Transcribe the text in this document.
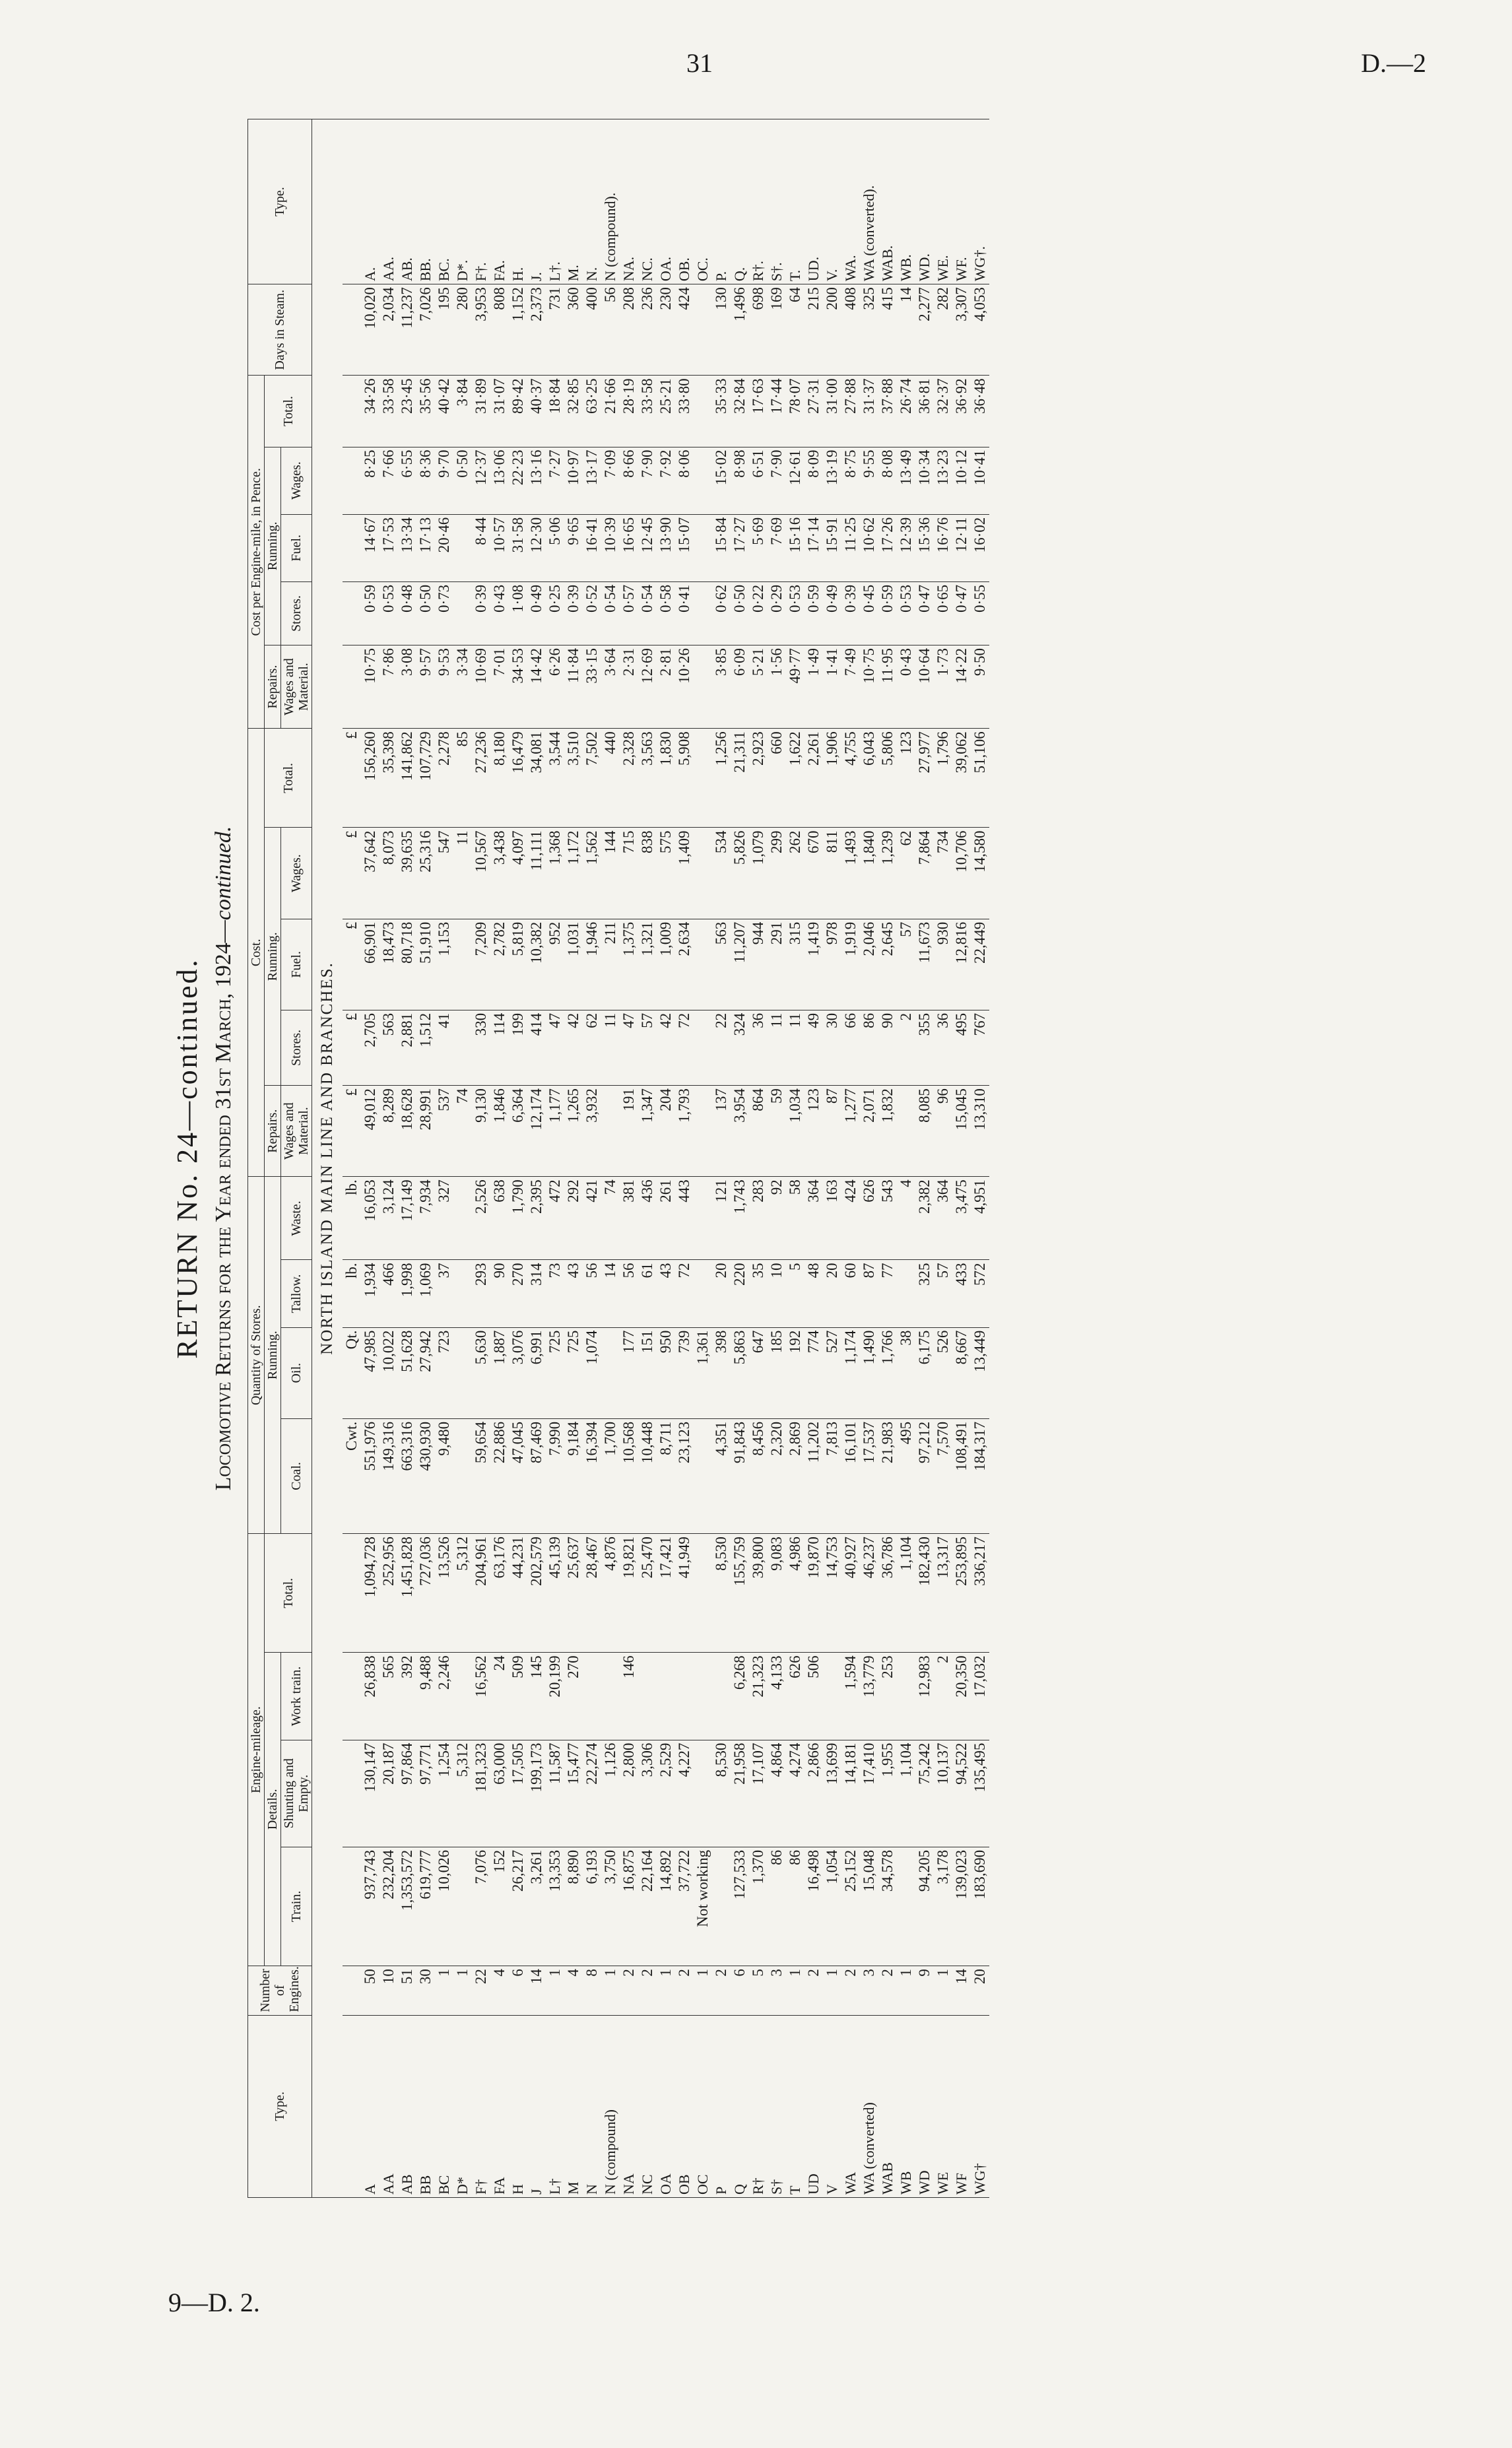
31	D.—2
9—D. 2.
RETURN No. 24—continued. Locomotive Returns for the Year ended 31st March, 1924—continued.
Type.	Number of Engines.	Engine-mileage.				Quantity of Stores.				Cost.					Cost per Engine-mile, in Pence.					Days in Steam.	Type.
		Details.			Total.	Running.				Repairs.	Running.			Total.	Repairs.	Running.			Total.		
		Train.	Shunting and Empty.	Work train.		Coal.	Oil.	Tallow.	Waste.	Wages and Material.	Stores.	Fuel.	Wages.		Wages and Material.	Stores.	Fuel.	Wages.			
NORTH ISLAND MAIN LINE AND BRANCHES.																					
						Cwt.	Qt.	lb.	lb.	£	£	£	£	£							
A	50	937,743	130,147	26,838	1,094,728	551,976	47,985	1,934	16,053	49,012	2,705	66,901	37,642	156,260	10·75	0·59	14·67	8·25	34·26	10,020	A.
AA	10	232,204	20,187	565	252,956	149,316	10,022	466	3,124	8,289	563	18,473	8,073	35,398	7·86	0·53	17·53	7·66	33·58	2,034	AA.
AB	51	1,353,572	97,864	392	1,451,828	663,316	51,628	1,998	17,149	18,628	2,881	80,718	39,635	141,862	3·08	0·48	13·34	6·55	23·45	11,237	AB.
BB	30	619,777	97,771	9,488	727,036	430,930	27,942	1,069	7,934	28,991	1,512	51,910	25,316	107,729	9·57	0·50	17·13	8·36	35·56	7,026	BB.
BC	1	10,026	1,254	2,246	13,526	9,480	723	37	327	537	41	1,153	547	2,278	9·53	0·73	20·46	9·70	40·42	195	BC.
D*	1		5,312		5,312					74			11	85	3·34			0·50	3·84	280	D*.
F†	22	7,076	181,323	16,562	204,961	59,654	5,630	293	2,526	9,130	330	7,209	10,567	27,236	10·69	0·39	8·44	12·37	31·89	3,953	F†.
FA	4	152	63,000	24	63,176	22,886	1,887	90	638	1,846	114	2,782	3,438	8,180	7·01	0·43	10·57	13·06	31·07	808	FA.
H	6	26,217	17,505	509	44,231	47,045	3,076	270	1,790	6,364	199	5,819	4,097	16,479	34·53	1·08	31·58	22·23	89·42	1,152	H.
J	14	3,261	199,173	145	202,579	87,469	6,991	314	2,395	12,174	414	10,382	11,111	34,081	14·42	0·49	12·30	13·16	40·37	2,373	J.
L†	1	13,353	11,587	20,199	45,139	7,990	725	73	472	1,177	47	952	1,368	3,544	6·26	0·25	5·06	7·27	18·84	731	L†.
M	4	8,890	15,477	270	25,637	9,184	725	43	292	1,265	42	1,031	1,172	3,510	11·84	0·39	9·65	10·97	32·85	360	M.
N	8	6,193	22,274		28,467	16,394	1,074	56	421	3,932	62	1,946	1,562	7,502	33·15	0·52	16·41	13·17	63·25	400	N.
N (compound)	1	3,750	1,126		4,876	1,700		14	74		11	211	144	440	3·64	0·54	10·39	7·09	21·66	56	N (compound).
NA	2	16,875	2,800	146	19,821	10,568	177	56	381	191	47	1,375	715	2,328	2·31	0·57	16·65	8·66	28·19	208	NA.
NC	2	22,164	3,306		25,470	10,448	151	61	436	1,347	57	1,321	838	3,563	12·69	0·54	12·45	7·90	33·58	236	NC.
OA	1	14,892	2,529		17,421	8,711	950	43	261	204	42	1,009	575	1,830	2·81	0·58	13·90	7·92	25·21	230	OA.
OB	2	37,722	4,227		41,949	23,123	739	72	443	1,793	72	2,634	1,409	5,908	10·26	0·41	15·07	8·06	33·80	424	OB.
OC	1	Not working					1,361														OC.
P	2		8,530		8,530	4,351	398	20	121	137	22	563	534	1,256	3·85	0·62	15·84	15·02	35·33	130	P.
Q	6	127,533	21,958	6,268	155,759	91,843	5,863	220	1,743	3,954	324	11,207	5,826	21,311	6·09	0·50	17·27	8·98	32·84	1,496	Q.
R†	5	1,370	17,107	21,323	39,800	8,456	647	35	283	864	36	944	1,079	2,923	5·21	0·22	5·69	6·51	17·63	698	R†.
S†	3	86	4,864	4,133	9,083	2,320	185	10	92	59	11	291	299	660	1·56	0·29	7·69	7·90	17·44	169	S†.
T	1	86	4,274	626	4,986	2,869	192	5	58	1,034	11	315	262	1,622	49·77	0·53	15·16	12·61	78·07	64	T.
UD	2	16,498	2,866	506	19,870	11,202	774	48	364	123	49	1,419	670	2,261	1·49	0·59	17·14	8·09	27·31	215	UD.
V	1	1,054	13,699		14,753	7,813	527	20	163	87	30	978	811	1,906	1·41	0·49	15·91	13·19	31·00	200	V.
WA	2	25,152	14,181	1,594	40,927	16,101	1,174	60	424	1,277	66	1,919	1,493	4,755	7·49	0·39	11·25	8·75	27·88	408	WA.
WA (converted)	3	15,048	17,410	13,779	46,237	17,537	1,490	87	626	2,071	86	2,046	1,840	6,043	10·75	0·45	10·62	9·55	31·37	325	WA (converted).
WAB	2	34,578	1,955	253	36,786	21,983	1,766	77	543	1,832	90	2,645	1,239	5,806	11·95	0·59	17·26	8·08	37·88	415	WAB.
WB	1		1,104		1,104	495	38		4		2	57	62	123	0·43	0·53	12·39	13·49	26·74	14	WB.
WD	9	94,205	75,242	12,983	182,430	97,212	6,175	325	2,382	8,085	355	11,673	7,864	27,977	10·64	0·47	15·36	10·34	36·81	2,277	WD.
WE	1	3,178	10,137	2	13,317	7,570	526	57	364	96	36	930	734	1,796	1·73	0·65	16·76	13·23	32·37	282	WE.
WF	14	139,023	94,522	20,350	253,895	108,491	8,667	433	3,475	15,045	495	12,816	10,706	39,062	14·22	0·47	12·11	10·12	36·92	3,307	WF.
WG†	20	183,690	135,495	17,032	336,217	184,317	13,449	572	4,951	13,310	767	22,449	14,580	51,106	9·50	0·55	16·02	10·41	36·48	4,053	WG†.
